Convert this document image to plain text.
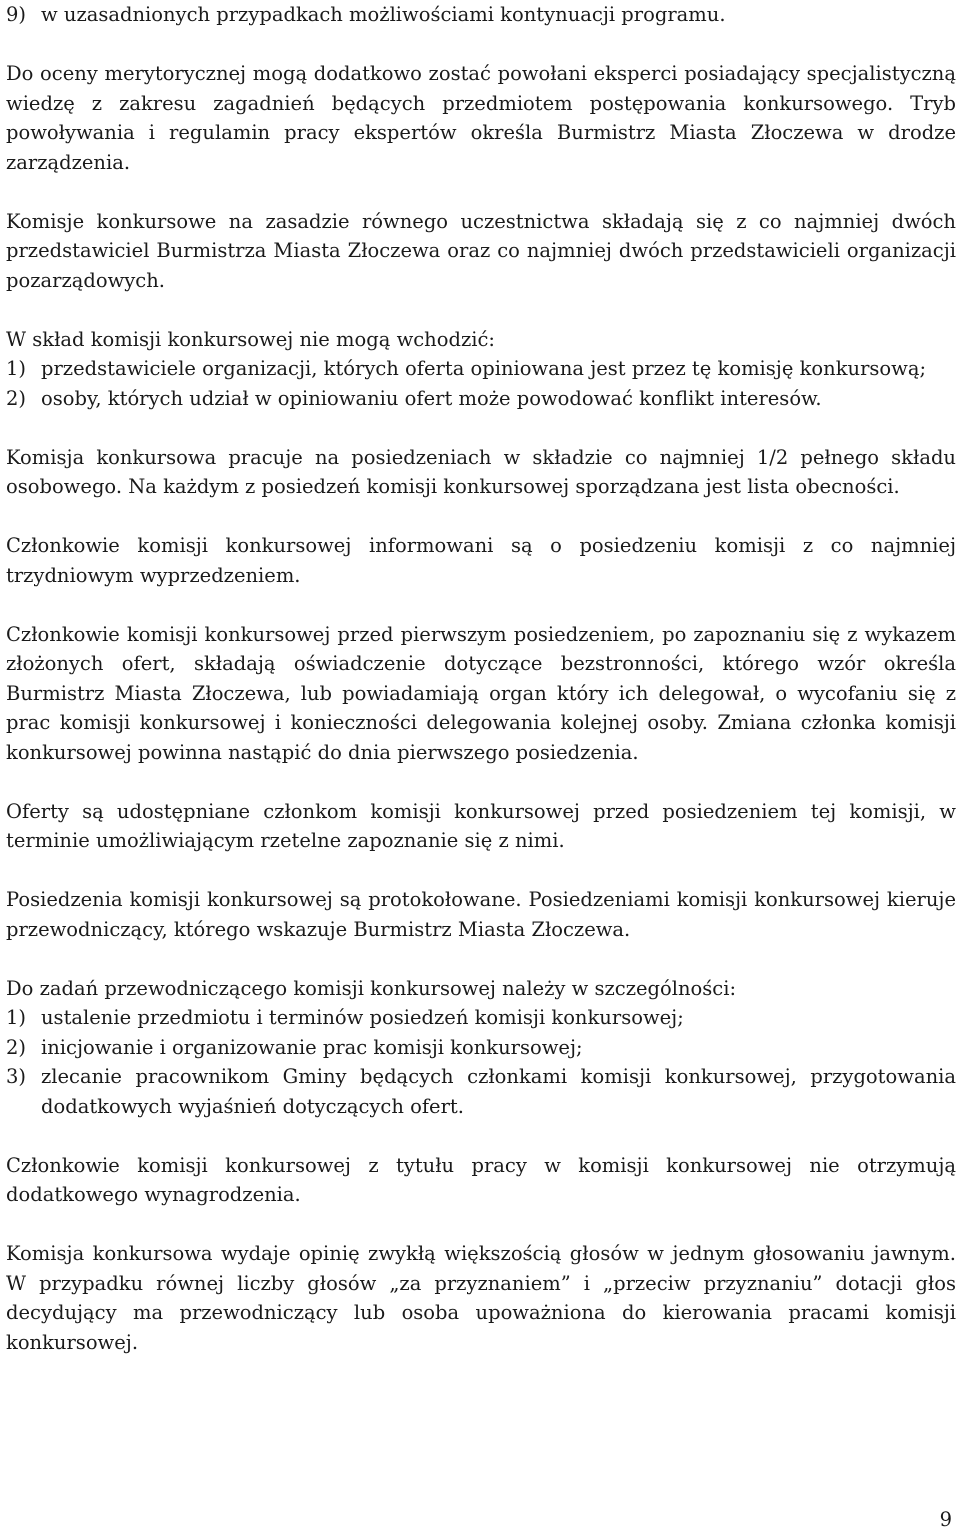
9) w uzasadnionych przypadkach możliwościami kontynuacji programu.

Do oceny merytorycznej mogą dodatkowo zostać powołani eksperci posiadający specjalistyczną wiedzę z zakresu zagadnień będących przedmiotem postępowania konkursowego. Tryb powoływania i regulamin pracy ekspertów określa Burmistrz Miasta Złoczewa w drodze zarządzenia.

Komisje konkursowe na zasadzie równego uczestnictwa składają się z co najmniej dwóch przedstawiciel Burmistrza Miasta Złoczewa oraz co najmniej dwóch przedstawicieli organizacji pozarządowych.

W skład komisji konkursowej nie mogą wchodzić:

1) przedstawiciele organizacji, których oferta opiniowana jest przez tę komisję konkursową;
2) osoby, których udział w opiniowaniu ofert może powodować konflikt interesów.

Komisja konkursowa pracuje na posiedzeniach w składzie co najmniej 1/2 pełnego składu osobowego. Na każdym z posiedzeń komisji konkursowej sporządzana jest lista obecności.

Członkowie komisji konkursowej informowani są o posiedzeniu komisji z co najmniej trzydniowym wyprzedzeniem.

Członkowie komisji konkursowej przed pierwszym posiedzeniem, po zapoznaniu się z wykazem złożonych ofert, składają oświadczenie dotyczące bezstronności, którego wzór określa Burmistrz Miasta Złoczewa, lub powiadamiają organ który ich delegował, o wycofaniu się z prac komisji konkursowej i konieczności delegowania kolejnej osoby. Zmiana członka komisji konkursowej powinna nastąpić do dnia pierwszego posiedzenia.

Oferty są udostępniane członkom komisji konkursowej przed posiedzeniem tej komisji, w terminie umożliwiającym rzetelne zapoznanie się z nimi.

Posiedzenia komisji konkursowej są protokołowane. Posiedzeniami komisji konkursowej kieruje przewodniczący, którego wskazuje Burmistrz Miasta Złoczewa.

Do zadań przewodniczącego komisji konkursowej należy w szczególności:

1) ustalenie przedmiotu i terminów posiedzeń komisji konkursowej;
2) inicjowanie i organizowanie prac komisji konkursowej;
3) zlecanie pracownikom Gminy będących członkami komisji konkursowej, przygotowania dodatkowych wyjaśnień dotyczących ofert.

Członkowie komisji konkursowej z tytułu pracy w komisji konkursowej nie otrzymują dodatkowego wynagrodzenia.

Komisja konkursowa wydaje opinię zwykłą większością głosów w jednym głosowaniu jawnym. W przypadku równej liczby głosów „za przyznaniem” i „przeciw przyznaniu” dotacji głos decydujący ma przewodniczący lub osoba upoważniona do kierowania pracami komisji konkursowej.

9
